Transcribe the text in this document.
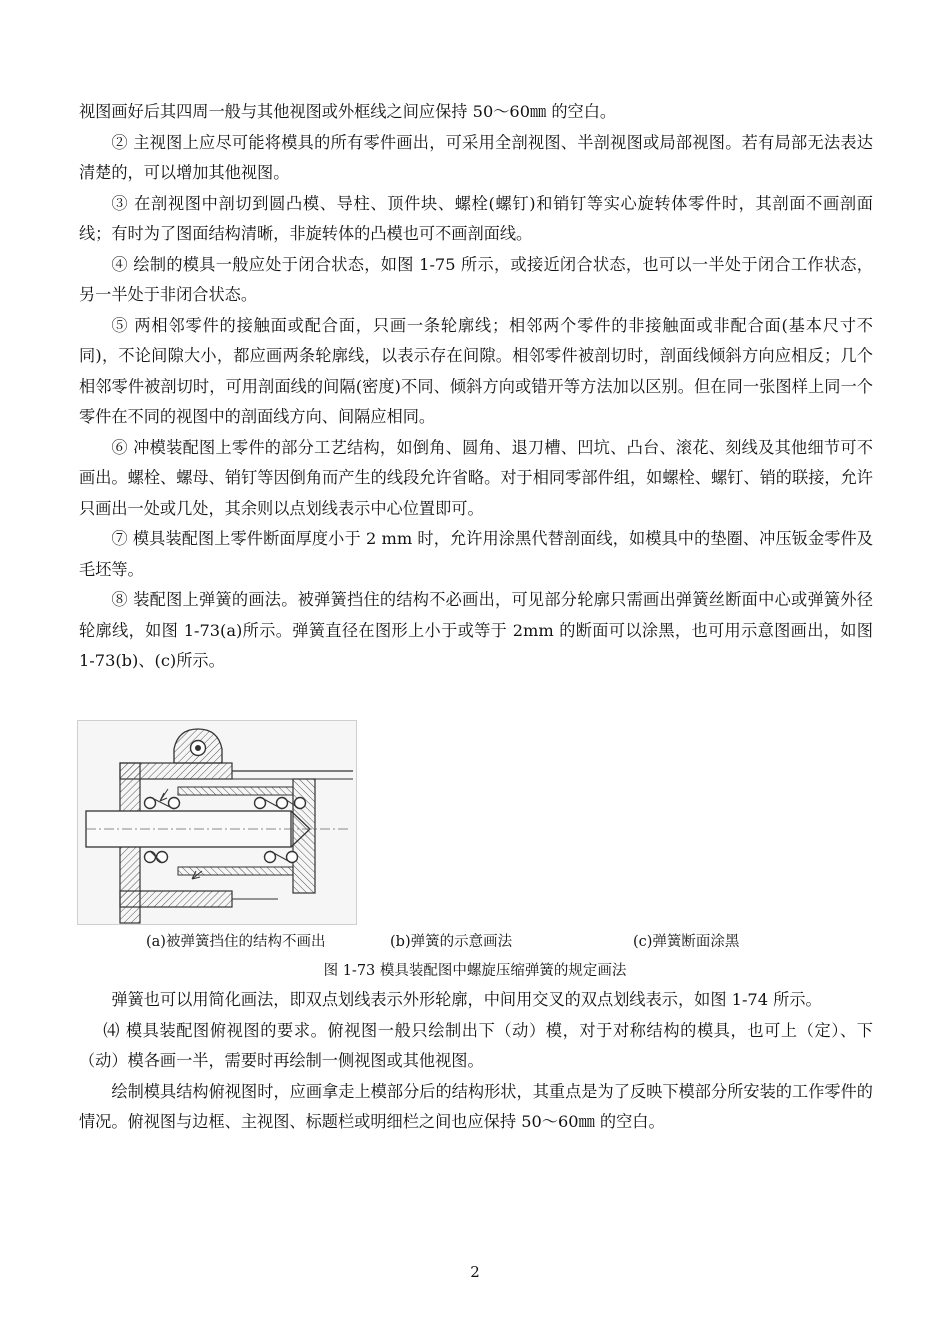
视图画好后其四周一般与其他视图或外框线之间应保持 50～60㎜ 的空白。

② 主视图上应尽可能将模具的所有零件画出，可采用全剖视图、半剖视图或局部视图。若有局部无法表达清楚的，可以增加其他视图。

③ 在剖视图中剖切到圆凸模、导柱、顶件块、螺栓(螺钉)和销钉等实心旋转体零件时，其剖面不画剖面线；有时为了图面结构清晰，非旋转体的凸模也可不画剖面线。

④ 绘制的模具一般应处于闭合状态，如图 1-75 所示，或接近闭合状态，也可以一半处于闭合工作状态，另一半处于非闭合状态。

⑤ 两相邻零件的接触面或配合面，只画一条轮廓线；相邻两个零件的非接触面或非配合面(基本尺寸不同)，不论间隙大小，都应画两条轮廓线，以表示存在间隙。相邻零件被剖切时，剖面线倾斜方向应相反；几个相邻零件被剖切时，可用剖面线的间隔(密度)不同、倾斜方向或错开等方法加以区别。但在同一张图样上同一个零件在不同的视图中的剖面线方向、间隔应相同。

⑥ 冲模装配图上零件的部分工艺结构，如倒角、圆角、退刀槽、凹坑、凸台、滚花、刻线及其他细节可不画出。螺栓、螺母、销钉等因倒角而产生的线段允许省略。对于相同零部件组，如螺栓、螺钉、销的联接，允许只画出一处或几处，其余则以点划线表示中心位置即可。

⑦ 模具装配图上零件断面厚度小于 2 mm 时，允许用涂黑代替剖面线，如模具中的垫圈、冲压钣金零件及毛坯等。

⑧ 装配图上弹簧的画法。被弹簧挡住的结构不必画出，可见部分轮廓只需画出弹簧丝断面中心或弹簧外径轮廓线，如图 1-73(a)所示。弹簧直径在图形上小于或等于 2mm 的断面可以涂黑，也可用示意图画出，如图 1-73(b)、(c)所示。

(a)被弹簧挡住的结构不画出	(b)弹簧的示意画法	(c)弹簧断面涂黑
图 1-73 模具装配图中螺旋压缩弹簧的规定画法

弹簧也可以用简化画法，即双点划线表示外形轮廓，中间用交叉的双点划线表示，如图 1-74 所示。

⑷ 模具装配图俯视图的要求。俯视图一般只绘制出下（动）模，对于对称结构的模具，也可上（定）、下（动）模各画一半，需要时再绘制一侧视图或其他视图。

绘制模具结构俯视图时，应画拿走上模部分后的结构形状，其重点是为了反映下模部分所安装的工作零件的情况。俯视图与边框、主视图、标题栏或明细栏之间也应保持 50～60㎜ 的空白。

2
